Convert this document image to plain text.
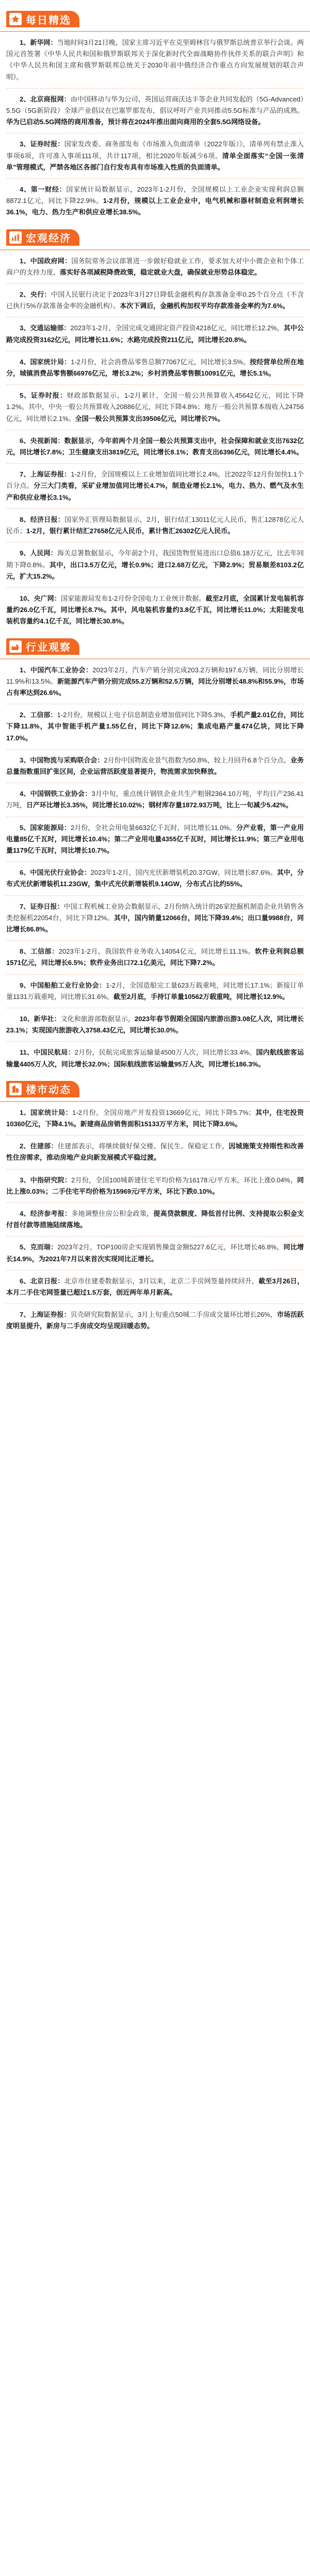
每日精选

1、新华网：当地时间3月21日晚，国家主席习近平在克里姆林宫与俄罗斯总统普京举行会谈。两国元首签署《中华人民共和国和俄罗斯联邦关于深化新时代全面战略协作伙伴关系的联合声明》和《中华人民共和国主席和俄罗斯联邦总统关于2030年前中俄经济合作重点方向发展规划的联合声明》。

2、北京商报网：由中国移动与华为公司、英国运营商沃达丰等企业共同发起的（5G-Advanced）5.5G（5G新阶段）全球产业倡议在巴塞罗那发布，倡议呼吁产业共同推动5.5G标准与产品的成熟。华为已启动5.5G网络的商用准备，预计将在2024年推出面向商用的全套5.5G网络设备。

3、证券时报：国家发改委、商务部发布《市场准入负面清单（2022年版）》，清单列有禁止准入事项6项，许可准入事项111项，共计117项，相比2020年版减少6项。清单全面落实“全国一张清单”管理模式，严禁各地区各部门自行发布具有市场准入性质的负面清单。

4、第一财经：国家统计局数据显示，2023年1-2月份，全国规模以上工业企业实现利润总额8872.1亿元，同比下降22.9%。1-2月份，规模以上工业企业中，电气机械和器材制造业利润增长36.1%，电力、热力生产和供应业增长38.5%。

宏观经济

1、中国政府网：国务院常务会议部署进一步做好稳就业工作，要求加大对中小微企业和个体工商户的支持力度，落实好各项减税降费政策，稳定就业大盘，确保就业形势总体稳定。

2、央行：中国人民银行决定于2023年3月27日降低金融机构存款准备金率0.25个百分点（不含已执行5%存款准备金率的金融机构）。本次下调后，金融机构加权平均存款准备金率约为7.6%。

3、交通运输部：2023年1-2月，全国完成交通固定资产投资4218亿元，同比增长12.2%，其中公路完成投资3162亿元，同比增长11.6%；水路完成投资211亿元，同比增长20.8%。

4、国家统计局：1-2月份，社会消费品零售总额77067亿元，同比增长3.5%。按经营单位所在地分，城镇消费品零售额66976亿元，增长3.2%；乡村消费品零售额10091亿元，增长5.1%。

5、证券时报：财政部数据显示，1-2月累计，全国一般公共预算收入45642亿元，同比下降1.2%。其中，中央一般公共预算收入20886亿元，同比下降4.8%；地方一般公共预算本级收入24756亿元，同比增长2.1%。全国一般公共预算支出39506亿元，同比增长7%。

6、央视新闻：数据显示，今年前两个月全国一般公共预算支出中，社会保障和就业支出7632亿元，同比增长7.8%；卫生健康支出3819亿元，同比增长8.1%；教育支出6396亿元，同比增长4.4%。

7、上海证券报：1-2月份，全国规模以上工业增加值同比增长2.4%，比2022年12月份加快1.1个百分点。分三大门类看，采矿业增加值同比增长4.7%，制造业增长2.1%，电力、热力、燃气及水生产和供应业增长3.1%。

8、经济日报：国家外汇管理局数据显示，2月，银行结汇13011亿元人民币，售汇12878亿元人民币；1-2月，银行累计结汇27658亿元人民币，累计售汇26302亿元人民币。

9、人民网：海关总署数据显示，今年前2个月，我国货物贸易进出口总值6.18万亿元，比去年同期下降0.8%。其中，出口3.5万亿元，增长0.9%；进口2.68万亿元，下降2.9%；贸易顺差8103.2亿元，扩大15.2%。

10、央广网：国家能源局发布1-2月份全国电力工业统计数据。截至2月底，全国累计发电装机容量约26.0亿千瓦，同比增长8.7%。其中，风电装机容量约3.8亿千瓦，同比增长11.0%；太阳能发电装机容量约4.1亿千瓦，同比增长30.8%。

行业观察

1、中国汽车工业协会：2023年2月，汽车产销分别完成203.2万辆和197.6万辆，同比分别增长11.9%和13.5%。新能源汽车产销分别完成55.2万辆和52.5万辆，同比分别增长48.8%和55.9%，市场占有率达到26.6%。

2、工信部：1-2月份，规模以上电子信息制造业增加值同比下降5.3%，手机产量2.01亿台，同比下降11.8%，其中智能手机产量1.55亿台，同比下降12.6%；集成电路产量474亿块，同比下降17.0%。

3、中国物流与采购联合会：2月份中国物流业景气指数为50.8%，较上月回升6.8个百分点。业务总量指数重回扩张区间，企业运营活跃度显著提升，物流需求加快释放。

4、中国钢铁工业协会：3月中旬，重点统计钢铁企业共生产粗钢2364.10万吨，平均日产236.41万吨，日产环比增长3.35%，同比增长10.02%；钢材库存量1872.93万吨，比上一旬减少5.42%。

5、国家能源局：2月份，全社会用电量6632亿千瓦时，同比增长11.0%。分产业看，第一产业用电量85亿千瓦时，同比增长10.4%；第二产业用电量4355亿千瓦时，同比增长11.9%；第三产业用电量1179亿千瓦时，同比增长10.7%。

6、中国光伏行业协会：2023年1-2月，国内光伏新增装机20.37GW，同比增长87.6%。其中，分布式光伏新增装机11.23GW，集中式光伏新增装机9.14GW，分布式占比约55%。

7、证券日报：中国工程机械工业协会数据显示，2月份纳入统计的26家挖掘机制造企业共销售各类挖掘机22054台，同比下降12%。其中，国内销量12066台，同比下降39.4%；出口量9988台，同比增长86.8%。

8、工信部：2023年1-2月，我国软件业务收入14054亿元，同比增长11.1%。软件业利润总额1571亿元，同比增长6.5%；软件业务出口72.1亿美元，同比下降7.2%。

9、中国船舶工业行业协会：1-2月，全国造船完工量623万载重吨，同比增长17.1%；新接订单量1131万载重吨，同比增长31.6%。截至2月底，手持订单量10562万载重吨，同比增长12.9%。

10、新华社：文化和旅游部数据显示，2023年春节假期全国国内旅游出游3.08亿人次，同比增长23.1%；实现国内旅游收入3758.43亿元，同比增长30.0%。

11、中国民航局：2月份，民航完成旅客运输量4500万人次，同比增长33.4%。国内航线旅客运输量4405万人次，同比增长32.0%；国际航线旅客运输量95万人次，同比增长186.3%。

楼市动态

1、国家统计局：1-2月份，全国房地产开发投资13669亿元，同比下降5.7%；其中，住宅投资10360亿元，下降4.1%。新建商品房销售面积15133万平方米，同比下降3.6%。

2、住建部：住建部表示，将继续做好保交楼、保民生、保稳定工作，因城施策支持刚性和改善性住房需求，推动房地产业向新发展模式平稳过渡。

3、中指研究院：2月份，全国100城新建住宅平均价格为16178元/平方米，环比上涨0.04%，同比上涨0.03%；二手住宅平均价格为15969元/平方米，环比下跌0.10%。

4、经济参考报：多地调整住房公积金政策，提高贷款额度、降低首付比例、支持提取公积金支付首付款等措施陆续落地。

5、克而瑞：2023年2月，TOP100房企实现销售操盘金额5227.6亿元，环比增长46.8%，同比增长14.9%，为2021年7月以来首次实现同比正增长。

6、北京日报：北京市住建委数据显示，3月以来，北京二手房网签量持续回升，截至3月26日，本月二手住宅网签量已超过1.5万套，创近两年单月新高。

7、上海证券报：贝壳研究院数据显示，3月上旬重点50城二手房成交量环比增长26%，市场活跃度明显提升，新房与二手房成交均呈现回暖态势。
